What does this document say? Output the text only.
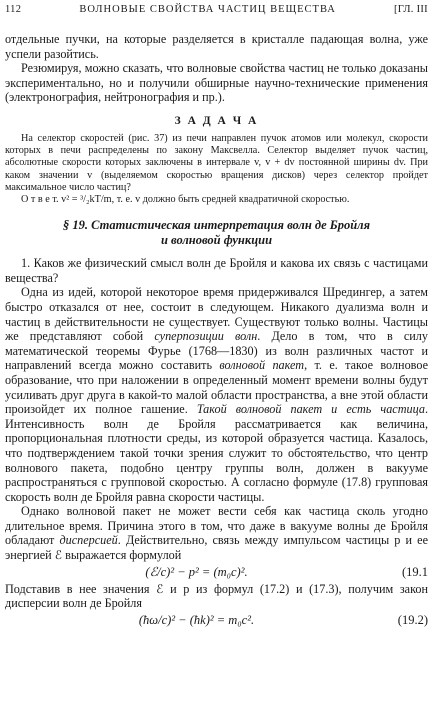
112	ВОЛНОВЫЕ СВОЙСТВА ЧАСТИЦ ВЕЩЕСТВА	[ГЛ. III

отдельные пучки, на которые разделяется в кристалле падающая волна, уже успели разойтись.

Резюмируя, можно сказать, что волновые свойства частиц не только доказаны экспериментально, но и получили обширные научно-технические применения (электронография, нейтронография и пр.).

З А Д А Ч А

На селектор скоростей (рис. 37) из печи направлен пучок атомов или молекул, скорости которых в печи распределены по закону Максвелла. Селектор выделяет пучок частиц, абсолютные скорости которых заключены в интервале v, v + dv постоянной ширины dv. При каком значении v (выделяемом скоростью вращения дисков) через селектор пройдет максимальное число частиц?

О т в е т. v² = ³/₂kT/m, т. е. v должно быть средней квадратичной скоростью.

§ 19. Статистическая интерпретация волн де Бройля
и волновой функции

1. Каков же физический смысл волн де Бройля и какова их связь с частицами вещества?

Одна из идей, которой некоторое время придерживался Шредингер, а затем быстро отказался от нее, состоит в следующем. Никакого дуализма волн и частиц в действительности не существует. Существуют только волны. Частицы же представляют собой суперпозиции волн. Дело в том, что в силу математической теоремы Фурье (1768—1830) из волн различных частот и направлений всегда можно составить волновой пакет, т. е. такое волновое образование, что при наложении в определенный момент времени волны будут усиливать друг друга в какой-то малой области пространства, а вне этой области произойдет их полное гашение. Такой волновой пакет и есть частица. Интенсивность волн де Бройля рассматривается как величина, пропорциональная плотности среды, из которой образуется частица. Казалось, что подтверждением такой точки зрения служит то обстоятельство, что центр волнового пакета, подобно центру группы волн, должен в вакууме распространяться с групповой скоростью. А согласно формуле (17.8) групповая скорость волн де Бройля равна скорости частицы.

Однако волновой пакет не может вести себя как частица сколь угодно длительное время. Причина этого в том, что даже в вакууме волны де Бройля обладают дисперсией. Действительно, связь между импульсом частицы p и ее энергией ℰ выражается формулой

(ℰ/c)² − p² = (m₀c)².	(19.1

Подставив в нее значения ℰ и p из формул (17.2) и (17.3), получим закон дисперсии волн де Бройля

(ħω/c)² − (ħk)² = m₀c².	(19.2)
